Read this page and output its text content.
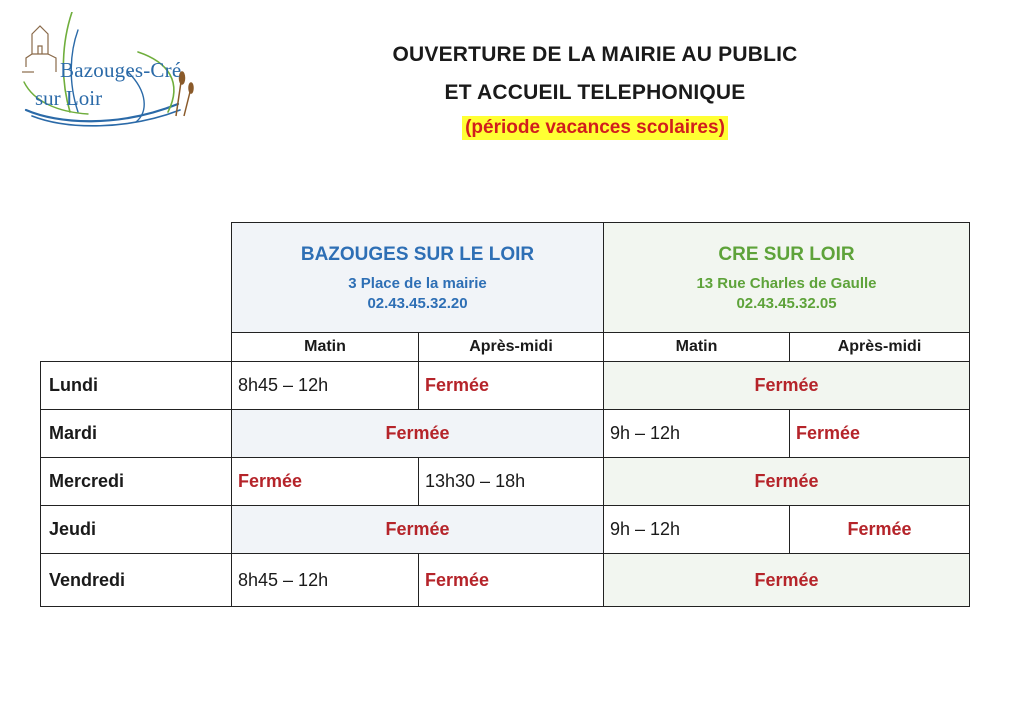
Bazouges-Cré
sur Loir
OUVERTURE DE LA MAIRIE AU PUBLIC
ET ACCUEIL TELEPHONIQUE
(période vacances scolaires)
BAZOUGES SUR LE LOIR
3 Place de la mairie
02.43.45.32.20
CRE SUR LOIR
13 Rue Charles de Gaulle
02.43.45.32.05
Matin	Après-midi	Matin	Après-midi
Lundi	8h45 – 12h	Fermée	Fermée
Mardi	Fermée	9h – 12h	Fermée
Mercredi	Fermée	13h30 – 18h	Fermée
Jeudi	Fermée	9h – 12h	Fermée
Vendredi	8h45 – 12h	Fermée	Fermée
